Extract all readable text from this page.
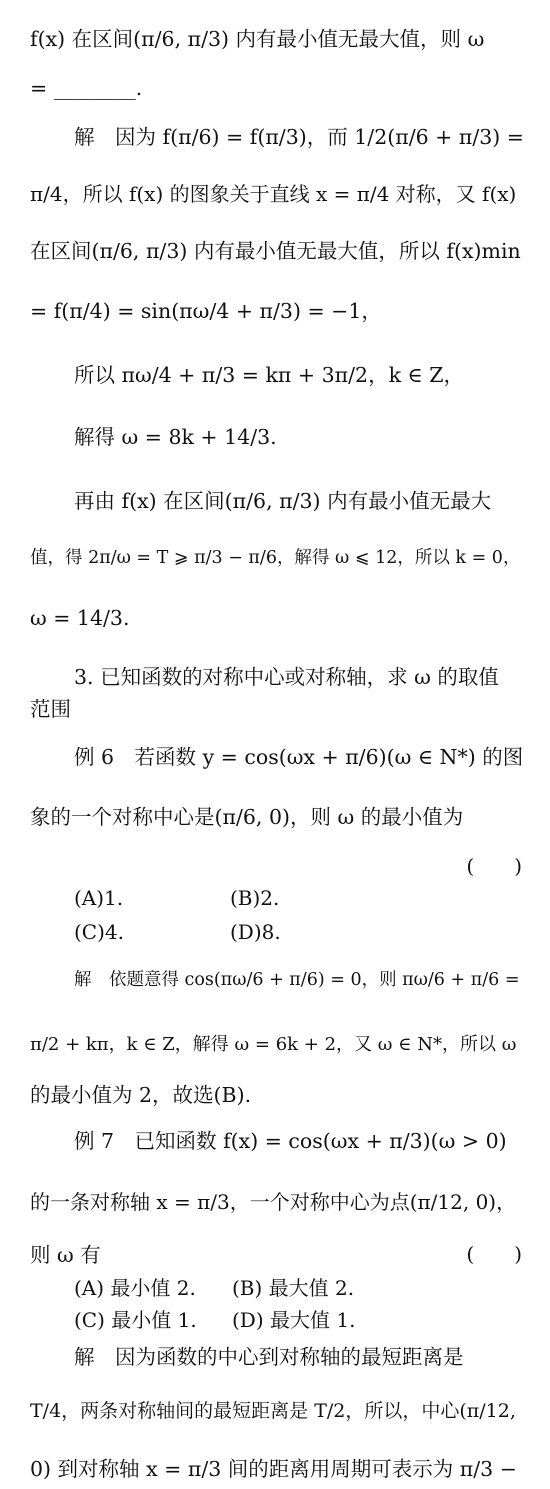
f(x) 在区间(π/6, π/3) 内有最小值无最大值，则 ω
= ________.
解　因为 f(π/6) = f(π/3)，而 1/2(π/6 + π/3) =
π/4，所以 f(x) 的图象关于直线 x = π/4 对称，又 f(x)
在区间(π/6, π/3) 内有最小值无最大值，所以 f(x)min
= f(π/4) = sin(πω/4 + π/3) = −1，
所以 πω/4 + π/3 = kπ + 3π/2，k ∈ Z，
解得 ω = 8k + 14/3.
再由 f(x) 在区间(π/6, π/3) 内有最小值无最大
值，得 2π/ω = T ⩾ π/3 − π/6，解得 ω ⩽ 12，所以 k = 0，
ω = 14/3.
3. 已知函数的对称中心或对称轴，求 ω 的取值
范围
例 6　若函数 y = cos(ωx + π/6)(ω ∈ N*) 的图
象的一个对称中心是(π/6, 0)，则 ω 的最小值为
(　　)
(A)1.	(B)2.
(C)4.	(D)8.
解　依题意得 cos(πω/6 + π/6) = 0，则 πω/6 + π/6 =
π/2 + kπ，k ∈ Z，解得 ω = 6k + 2，又 ω ∈ N*，所以 ω
的最小值为 2，故选(B).
例 7　已知函数 f(x) = cos(ωx + π/3)(ω > 0)
的一条对称轴 x = π/3，一个对称中心为点(π/12, 0)，
则 ω 有	(　　)
(A) 最小值 2. (B) 最大值 2.
(C) 最小值 1. (D) 最大值 1.
解　因为函数的中心到对称轴的最短距离是
T/4，两条对称轴间的最短距离是 T/2，所以，中心(π/12,
0) 到对称轴 x = π/3 间的距离用周期可表示为 π/3 −
